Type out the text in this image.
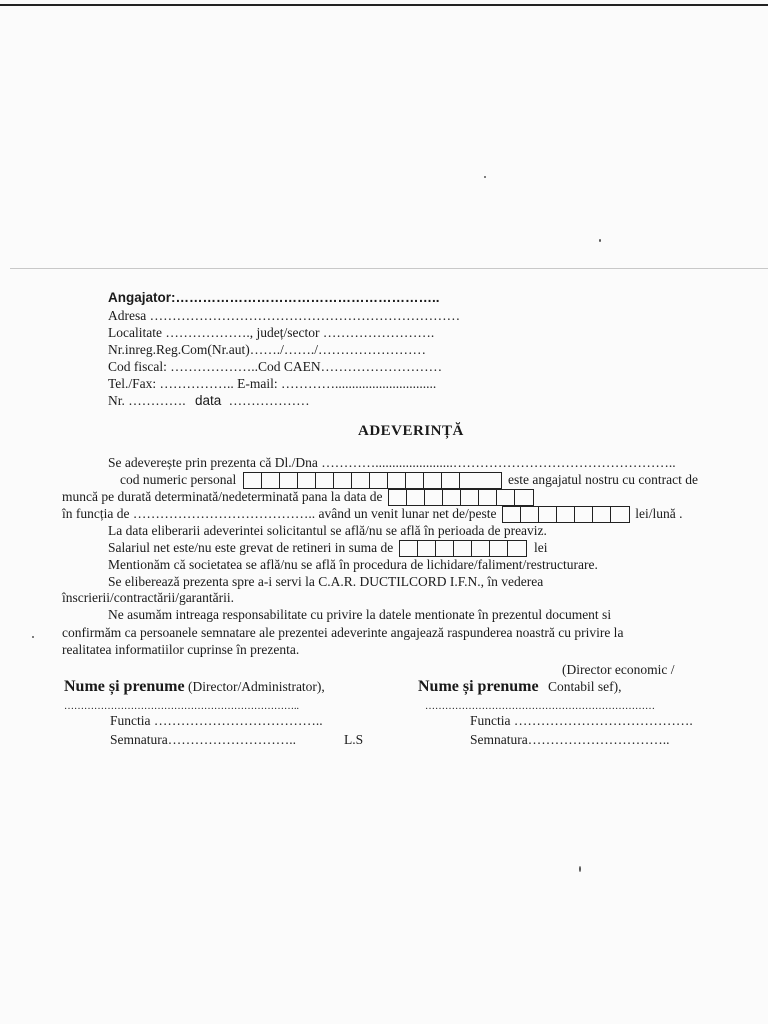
Angajator:…………………………………………………..
Adresa ……………………………………………………………
Localitate ………………., județ/sector …………………….
Nr.inreg.Reg.Com(Nr.aut)……./……./……………………
Cod fiscal: ………………..Cod CAEN………………………
Tel./Fax: …………….. E-mail: …………..............................
Nr. …………. data ………………
ADEVERINȚĂ
Se adeverește prin prezenta că Dl./Dna ………….......................…………………………………………..
cod numeric personal	este angajatul nostru cu contract de
muncă pe durată determinată/nedeterminată pana la data de
în funcția de ………………………………….. având un venit lunar net de/peste	lei/lună .
La data eliberarii adeverintei solicitantul se află/nu se află în perioada de preaviz.
Salariul net este/nu este grevat de retineri in suma de	lei
Mentionăm că societatea se află/nu se află în procedura de lichidare/faliment/restructurare.
Se eliberează prezenta spre a-i servi la C.A.R. DUCTILCORD I.F.N., în vederea
înscrierii/contractării/garantării.
Ne asumăm intreaga responsabilitate cu privire la datele mentionate în prezentul document si
confirmăm ca persoanele semnatare ale prezentei adeverinte angajează raspunderea noastră cu privire la
realitatea informatiilor cuprinse în prezenta.
(Director economic /
Nume și prenume (Director/Administrator),	Nume și prenume Contabil sef),
……………………………………………………………..	……………………………………………………………
Functia ………………………………..	Functia ………………………………….
Semnatura………………………..	L.S	Semnatura…………………………..
